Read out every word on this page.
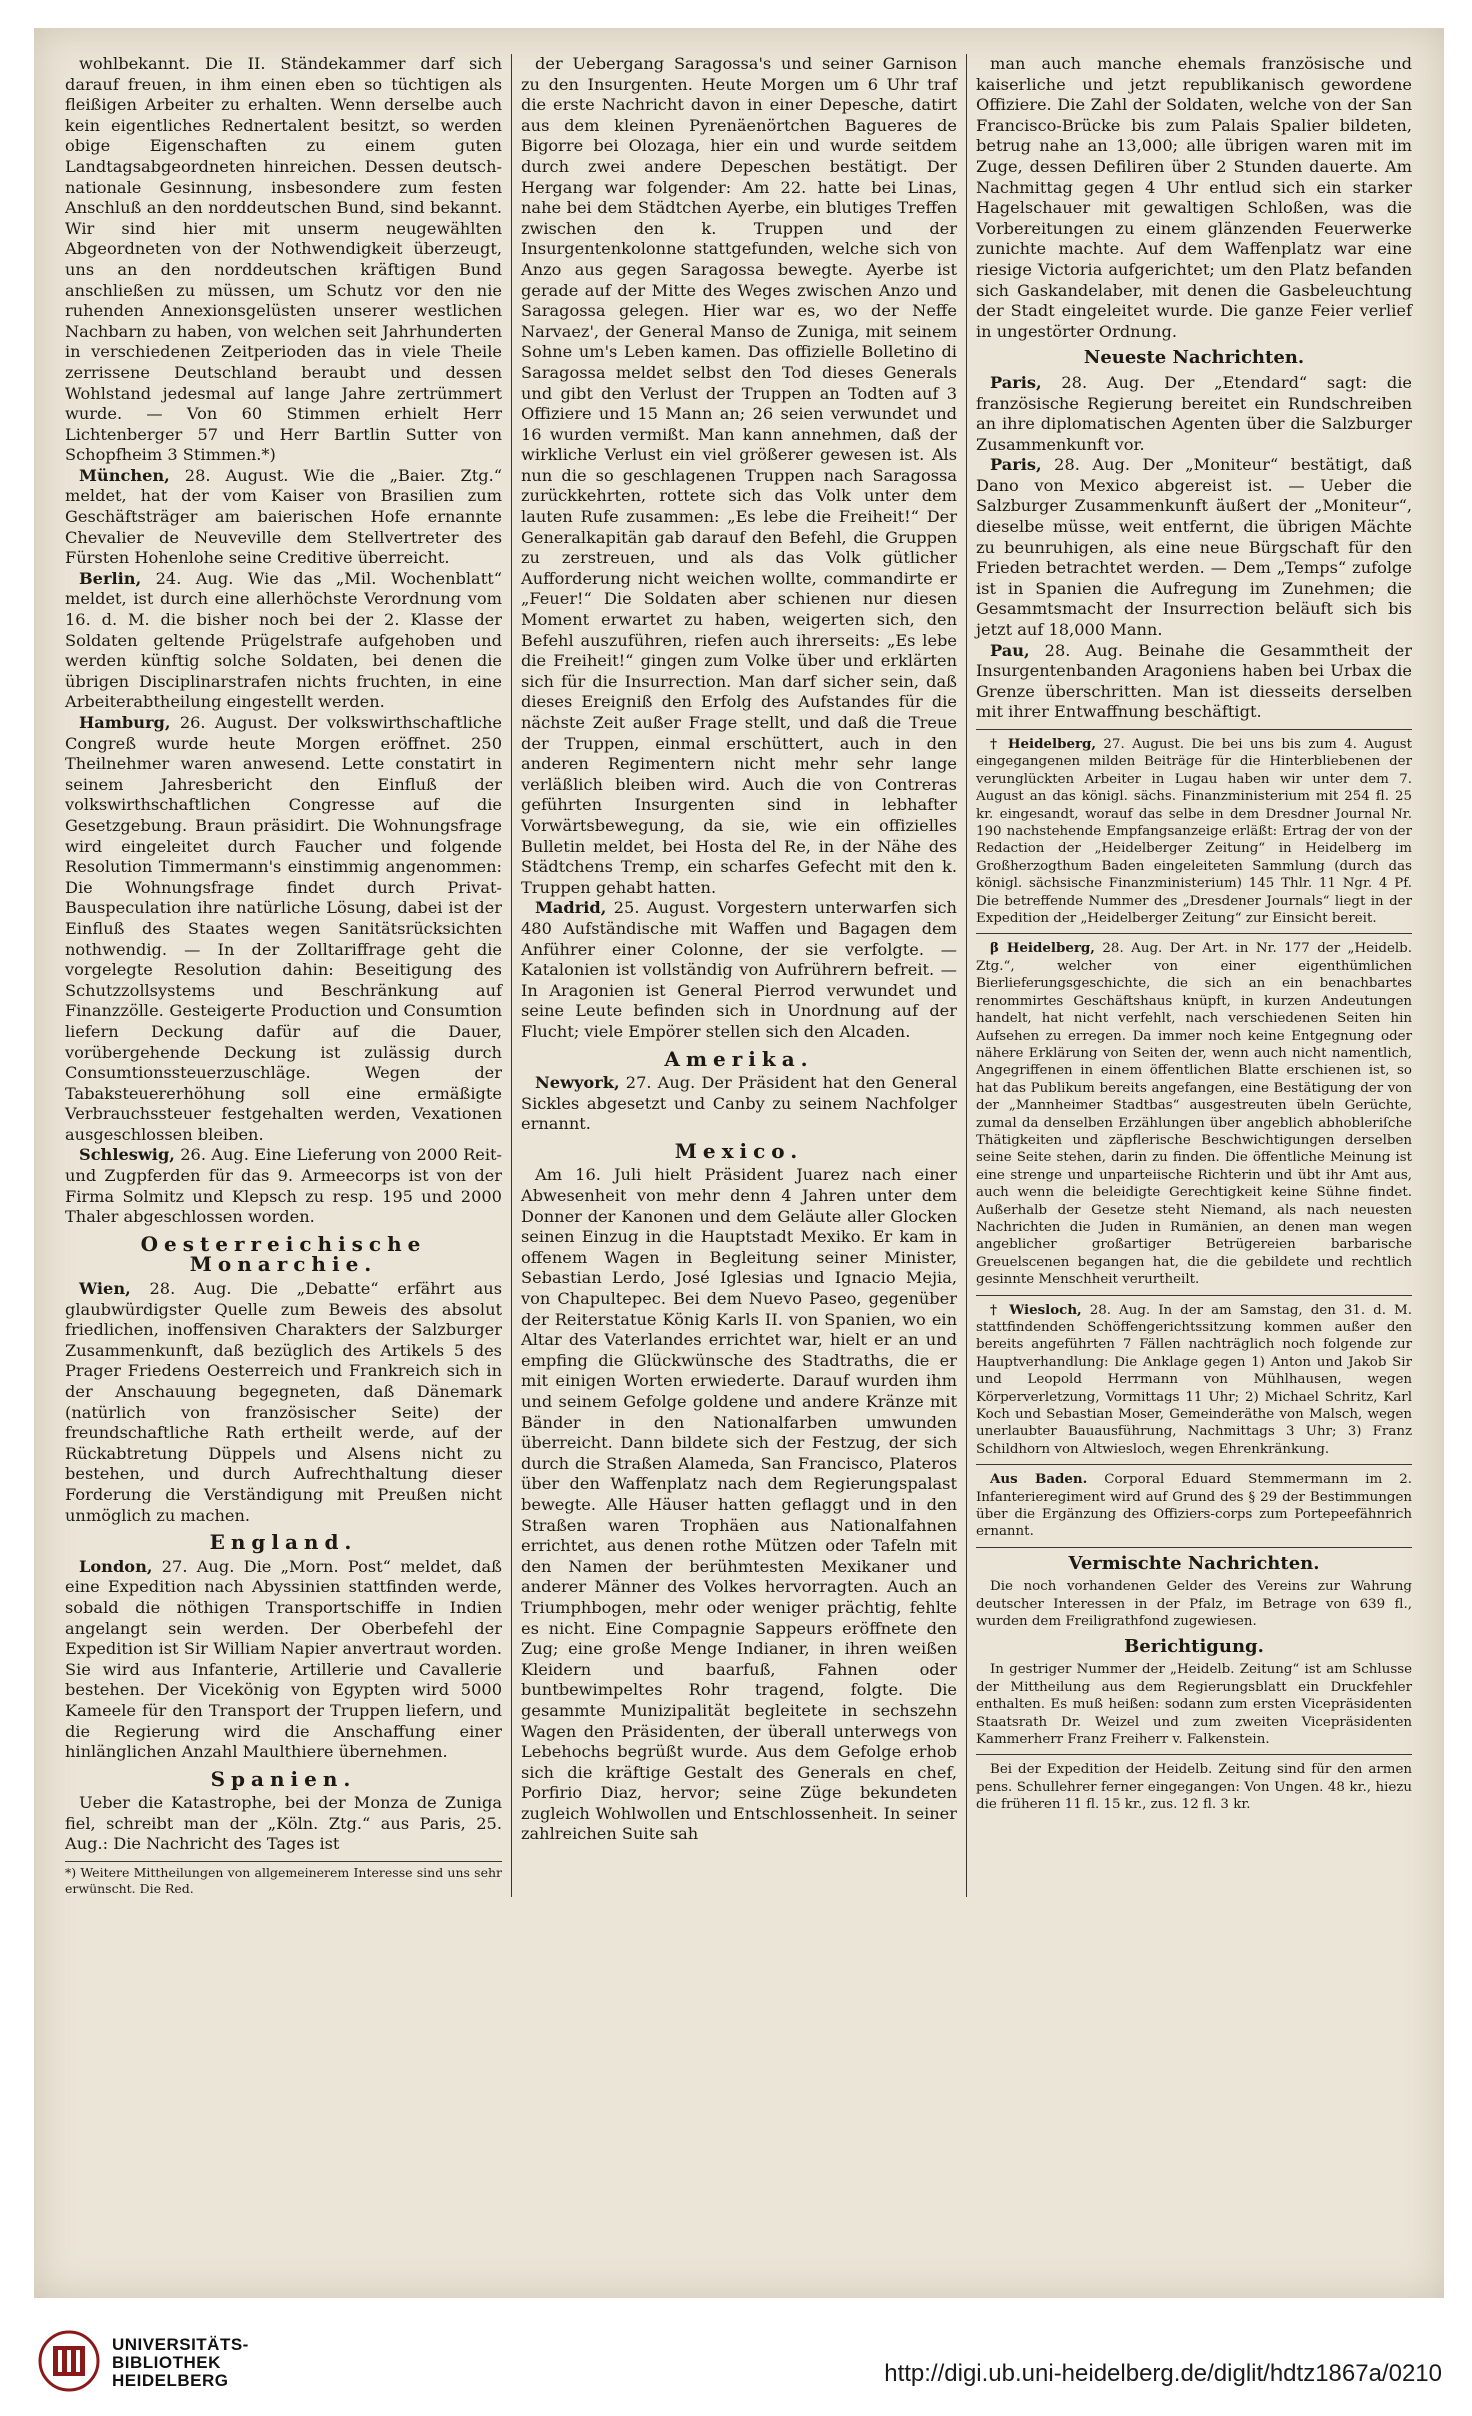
wohlbekannt. Die II. Ständekammer darf sich darauf freuen, in ihm einen eben so tüchtigen als fleißigen Arbeiter zu erhalten. Wenn derselbe auch kein eigentliches Rednertalent besitzt, so werden obige Eigenschaften zu einem guten Landtagsabgeordneten hinreichen. Dessen deutsch-nationale Gesinnung, insbesondere zum festen Anschluß an den norddeutschen Bund, sind bekannt. Wir sind hier mit unserm neugewählten Abgeordneten von der Nothwendigkeit überzeugt, uns an den norddeutschen kräftigen Bund anschließen zu müssen, um Schutz vor den nie ruhenden Annexionsgelüsten unserer westlichen Nachbarn zu haben, von welchen seit Jahrhunderten in verschiedenen Zeitperioden das in viele Theile zerrissene Deutschland beraubt und dessen Wohlstand jedesmal auf lange Jahre zertrümmert wurde. — Von 60 Stimmen erhielt Herr Lichtenberger 57 und Herr Bartlin Sutter von Schopfheim 3 Stimmen.*)

München, 28. August. Wie die „Baier. Ztg.“ meldet, hat der vom Kaiser von Brasilien zum Geschäftsträger am baierischen Hofe ernannte Chevalier de Neuveville dem Stellvertreter des Fürsten Hohenlohe seine Creditive überreicht.

Berlin, 24. Aug. Wie das „Mil. Wochenblatt“ meldet, ist durch eine allerhöchste Verordnung vom 16. d. M. die bisher noch bei der 2. Klasse der Soldaten geltende Prügelstrafe aufgehoben und werden künftig solche Soldaten, bei denen die übrigen Disciplinarstrafen nichts fruchten, in eine Arbeiterabtheilung eingestellt werden.

Hamburg, 26. August. Der volkswirthschaftliche Congreß wurde heute Morgen eröffnet. 250 Theilnehmer waren anwesend. Lette constatirt in seinem Jahresbericht den Einfluß der volkswirthschaftlichen Congresse auf die Gesetzgebung. Braun präsidirt. Die Wohnungsfrage wird eingeleitet durch Faucher und folgende Resolution Timmermann's einstimmig angenommen: Die Wohnungsfrage findet durch Privat-Bauspeculation ihre natürliche Lösung, dabei ist der Einfluß des Staates wegen Sanitätsrücksichten nothwendig. — In der Zolltariffrage geht die vorgelegte Resolution dahin: Beseitigung des Schutzzollsystems und Beschränkung auf Finanzzölle. Gesteigerte Production und Consumtion liefern Deckung dafür auf die Dauer, vorübergehende Deckung ist zulässig durch Consumtionssteuerzuschläge. Wegen der Tabaksteuererhöhung soll eine ermäßigte Verbrauchssteuer festgehalten werden, Vexationen ausgeschlossen bleiben.

Schleswig, 26. Aug. Eine Lieferung von 2000 Reit- und Zugpferden für das 9. Armeecorps ist von der Firma Solmitz und Klepsch zu resp. 195 und 2000 Thaler abgeschlossen worden.

Oesterreichische Monarchie.

Wien, 28. Aug. Die „Debatte“ erfährt aus glaubwürdigster Quelle zum Beweis des absolut friedlichen, inoffensiven Charakters der Salzburger Zusammenkunft, daß bezüglich des Artikels 5 des Prager Friedens Oesterreich und Frankreich sich in der Anschauung begegneten, daß Dänemark (natürlich von französischer Seite) der freundschaftliche Rath ertheilt werde, auf der Rückabtretung Düppels und Alsens nicht zu bestehen, und durch Aufrechthaltung dieser Forderung die Verständigung mit Preußen nicht unmöglich zu machen.

England.

London, 27. Aug. Die „Morn. Post“ meldet, daß eine Expedition nach Abyssinien stattfinden werde, sobald die nöthigen Transportschiffe in Indien angelangt sein werden. Der Oberbefehl der Expedition ist Sir William Napier anvertraut worden. Sie wird aus Infanterie, Artillerie und Cavallerie bestehen. Der Vicekönig von Egypten wird 5000 Kameele für den Transport der Truppen liefern, und die Regierung wird die Anschaffung einer hinlänglichen Anzahl Maulthiere übernehmen.

Spanien.

Ueber die Katastrophe, bei der Monza de Zuniga fiel, schreibt man der „Köln. Ztg.“ aus Paris, 25. Aug.: Die Nachricht des Tages ist

*) Weitere Mittheilungen von allgemeinerem Interesse sind uns sehr erwünscht. Die Red.

der Uebergang Saragossa's und seiner Garnison zu den Insurgenten. Heute Morgen um 6 Uhr traf die erste Nachricht davon in einer Depesche, datirt aus dem kleinen Pyrenäenörtchen Bagueres de Bigorre bei Olozaga, hier ein und wurde seitdem durch zwei andere Depeschen bestätigt. Der Hergang war folgender: Am 22. hatte bei Linas, nahe bei dem Städtchen Ayerbe, ein blutiges Treffen zwischen den k. Truppen und der Insurgentenkolonne stattgefunden, welche sich von Anzo aus gegen Saragossa bewegte. Ayerbe ist gerade auf der Mitte des Weges zwischen Anzo und Saragossa gelegen. Hier war es, wo der Neffe Narvaez', der General Manso de Zuniga, mit seinem Sohne um's Leben kamen. Das offizielle Bolletino di Saragossa meldet selbst den Tod dieses Generals und gibt den Verlust der Truppen an Todten auf 3 Offiziere und 15 Mann an; 26 seien verwundet und 16 wurden vermißt. Man kann annehmen, daß der wirkliche Verlust ein viel größerer gewesen ist. Als nun die so geschlagenen Truppen nach Saragossa zurückkehrten, rottete sich das Volk unter dem lauten Rufe zusammen: „Es lebe die Freiheit!“ Der Generalkapitän gab darauf den Befehl, die Gruppen zu zerstreuen, und als das Volk gütlicher Aufforderung nicht weichen wollte, commandirte er „Feuer!“ Die Soldaten aber schienen nur diesen Moment erwartet zu haben, weigerten sich, den Befehl auszuführen, riefen auch ihrerseits: „Es lebe die Freiheit!“ gingen zum Volke über und erklärten sich für die Insurrection. Man darf sicher sein, daß dieses Ereigniß den Erfolg des Aufstandes für die nächste Zeit außer Frage stellt, und daß die Treue der Truppen, einmal erschüttert, auch in den anderen Regimentern nicht mehr sehr lange verläßlich bleiben wird. Auch die von Contreras geführten Insurgenten sind in lebhafter Vorwärtsbewegung, da sie, wie ein offizielles Bulletin meldet, bei Hosta del Re, in der Nähe des Städtchens Tremp, ein scharfes Gefecht mit den k. Truppen gehabt hatten.

Madrid, 25. August. Vorgestern unterwarfen sich 480 Aufständische mit Waffen und Bagagen dem Anführer einer Colonne, der sie verfolgte. — Katalonien ist vollständig von Aufrührern befreit. — In Aragonien ist General Pierrod verwundet und seine Leute befinden sich in Unordnung auf der Flucht; viele Empörer stellen sich den Alcaden.

Amerika.

Newyork, 27. Aug. Der Präsident hat den General Sickles abgesetzt und Canby zu seinem Nachfolger ernannt.

Mexico.

Am 16. Juli hielt Präsident Juarez nach einer Abwesenheit von mehr denn 4 Jahren unter dem Donner der Kanonen und dem Geläute aller Glocken seinen Einzug in die Hauptstadt Mexiko. Er kam in offenem Wagen in Begleitung seiner Minister, Sebastian Lerdo, José Iglesias und Ignacio Mejia, von Chapultepec. Bei dem Nuevo Paseo, gegenüber der Reiterstatue König Karls II. von Spanien, wo ein Altar des Vaterlandes errichtet war, hielt er an und empfing die Glückwünsche des Stadtraths, die er mit einigen Worten erwiederte. Darauf wurden ihm und seinem Gefolge goldene und andere Kränze mit Bänder in den Nationalfarben umwunden überreicht. Dann bildete sich der Festzug, der sich durch die Straßen Alameda, San Francisco, Plateros über den Waffenplatz nach dem Regierungspalast bewegte. Alle Häuser hatten geflaggt und in den Straßen waren Trophäen aus Nationalfahnen errichtet, aus denen rothe Mützen oder Tafeln mit den Namen der berühmtesten Mexikaner und anderer Männer des Volkes hervorragten. Auch an Triumphbogen, mehr oder weniger prächtig, fehlte es nicht. Eine Compagnie Sappeurs eröffnete den Zug; eine große Menge Indianer, in ihren weißen Kleidern und baarfuß, Fahnen oder buntbewimpeltes Rohr tragend, folgte. Die gesammte Munizipalität begleitete in sechszehn Wagen den Präsidenten, der überall unterwegs von Lebehochs begrüßt wurde. Aus dem Gefolge erhob sich die kräftige Gestalt des Generals en chef, Porfirio Diaz, hervor; seine Züge bekundeten zugleich Wohlwollen und Entschlossenheit. In seiner zahlreichen Suite sah

man auch manche ehemals französische und kaiserliche und jetzt republikanisch gewordene Offiziere. Die Zahl der Soldaten, welche von der San Francisco-Brücke bis zum Palais Spalier bildeten, betrug nahe an 13,000; alle übrigen waren mit im Zuge, dessen Defiliren über 2 Stunden dauerte. Am Nachmittag gegen 4 Uhr entlud sich ein starker Hagelschauer mit gewaltigen Schloßen, was die Vorbereitungen zu einem glänzenden Feuerwerke zunichte machte. Auf dem Waffenplatz war eine riesige Victoria aufgerichtet; um den Platz befanden sich Gaskandelaber, mit denen die Gasbeleuchtung der Stadt eingeleitet wurde. Die ganze Feier verlief in ungestörter Ordnung.

Neueste Nachrichten.

Paris, 28. Aug. Der „Etendard“ sagt: die französische Regierung bereitet ein Rundschreiben an ihre diplomatischen Agenten über die Salzburger Zusammenkunft vor.

Paris, 28. Aug. Der „Moniteur“ bestätigt, daß Dano von Mexico abgereist ist. — Ueber die Salzburger Zusammenkunft äußert der „Moniteur“, dieselbe müsse, weit entfernt, die übrigen Mächte zu beunruhigen, als eine neue Bürgschaft für den Frieden betrachtet werden. — Dem „Temps“ zufolge ist in Spanien die Aufregung im Zunehmen; die Gesammtsmacht der Insurrection beläuft sich bis jetzt auf 18,000 Mann.

Pau, 28. Aug. Beinahe die Gesammtheit der Insurgentenbanden Aragoniens haben bei Urbax die Grenze überschritten. Man ist diesseits derselben mit ihrer Entwaffnung beschäftigt.

† Heidelberg, 27. August. Die bei uns bis zum 4. August eingegangenen milden Beiträge für die Hinterbliebenen der verunglückten Arbeiter in Lugau haben wir unter dem 7. August an das königl. sächs. Finanzministerium mit 254 fl. 25 kr. eingesandt, worauf das selbe in dem Dresdner Journal Nr. 190 nachstehende Empfangsanzeige erläßt: Ertrag der von der Redaction der „Heidelberger Zeitung“ in Heidelberg im Großherzogthum Baden eingeleiteten Sammlung (durch das königl. sächsische Finanzministerium) 145 Thlr. 11 Ngr. 4 Pf. Die betreffende Nummer des „Dresdener Journals“ liegt in der Expedition der „Heidelberger Zeitung“ zur Einsicht bereit.

β Heidelberg, 28. Aug. Der Art. in Nr. 177 der „Heidelb. Ztg.“, welcher von einer eigenthümlichen Bierlieferungsgeschichte, die sich an ein benachbartes renommirtes Geschäftshaus knüpft, in kurzen Andeutungen handelt, hat nicht verfehlt, nach verschiedenen Seiten hin Aufsehen zu erregen. Da immer noch keine Entgegnung oder nähere Erklärung von Seiten der, wenn auch nicht namentlich, Angegriffenen in einem öffentlichen Blatte erschienen ist, so hat das Publikum bereits angefangen, eine Bestätigung der von der „Mannheimer Stadtbas“ ausgestreuten übeln Gerüchte, zumal da denselben Erzählungen über angeblich abhobleriſche Thätigkeiten und zäpflerische Beschwichtigungen derselben seine Seite stehen, darin zu finden. Die öffentliche Meinung ist eine strenge und unparteiische Richterin und übt ihr Amt aus, auch wenn die beleidigte Gerechtigkeit keine Sühne findet. Außerhalb der Gesetze steht Niemand, als nach neuesten Nachrichten die Juden in Rumänien, an denen man wegen angeblicher großartiger Betrügereien barbarische Greuelscenen begangen hat, die die gebildete und rechtlich gesinnte Menschheit verurtheilt.

† Wiesloch, 28. Aug. In der am Samstag, den 31. d. M. stattfindenden Schöffengerichtssitzung kommen außer den bereits angeführten 7 Fällen nachträglich noch folgende zur Hauptverhandlung: Die Anklage gegen 1) Anton und Jakob Sir und Leopold Herrmann von Mühlhausen, wegen Körperverletzung, Vormittags 11 Uhr; 2) Michael Schritz, Karl Koch und Sebastian Moser, Gemeinderäthe von Malsch, wegen unerlaubter Bauausführung, Nachmittags 3 Uhr; 3) Franz Schildhorn von Altwiesloch, wegen Ehrenkränkung.

Aus Baden. Corporal Eduard Stemmermann im 2. Infanterieregiment wird auf Grund des § 29 der Bestimmungen über die Ergänzung des Offiziers-corps zum Portepeefähnrich ernannt.

Vermischte Nachrichten.

Die noch vorhandenen Gelder des Vereins zur Wahrung deutscher Interessen in der Pfalz, im Betrage von 639 fl., wurden dem Freiligrathfond zugewiesen.

Berichtigung.

In gestriger Nummer der „Heidelb. Zeitung“ ist am Schlusse der Mittheilung aus dem Regierungsblatt ein Druckfehler enthalten. Es muß heißen: sodann zum ersten Vicepräsidenten Staatsrath Dr. Weizel und zum zweiten Vicepräsidenten Kammerherr Franz Freiherr v. Falkenstein.

Bei der Expedition der Heidelb. Zeitung sind für den armen pens. Schullehrer ferner eingegangen: Von Ungen. 48 kr., hiezu die früheren 11 fl. 15 kr., zus. 12 fl. 3 kr.

UNIVERSITÄTS-
BIBLIOTHEK
HEIDELBERG	http://digi.ub.uni-heidelberg.de/diglit/hdtz1867a/0210
